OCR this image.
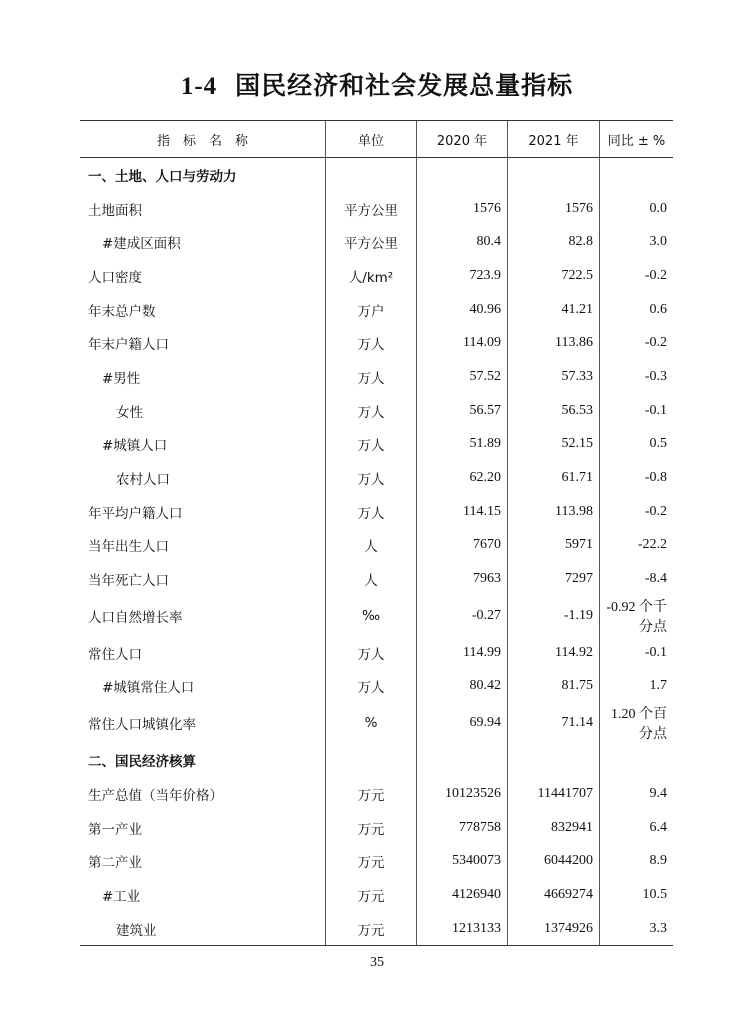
1-4 国民经济和社会发展总量指标
指　标　名　称	单位	2020 年	2021 年	同比 ± %
一、土地、人口与劳动力				
土地面积	平方公里	1576	1576	0.0
#建成区面积	平方公里	80.4	82.8	3.0
人口密度	人/km²	723.9	722.5	-0.2
年末总户数	万户	40.96	41.21	0.6
年末户籍人口	万人	114.09	113.86	-0.2
#男性	万人	57.52	57.33	-0.3
女性	万人	56.57	56.53	-0.1
#城镇人口	万人	51.89	52.15	0.5
农村人口	万人	62.20	61.71	-0.8
年平均户籍人口	万人	114.15	113.98	-0.2
当年出生人口	人	7670	5971	-22.2
当年死亡人口	人	7963	7297	-8.4
人口自然增长率	‰	-0.27	-1.19	-0.92 个千分点
常住人口	万人	114.99	114.92	-0.1
#城镇常住人口	万人	80.42	81.75	1.7
常住人口城镇化率	%	69.94	71.14	1.20 个百分点
二、国民经济核算				
生产总值（当年价格）	万元	10123526	11441707	9.4
第一产业	万元	778758	832941	6.4
第二产业	万元	5340073	6044200	8.9
#工业	万元	4126940	4669274	10.5
建筑业	万元	1213133	1374926	3.3
35
